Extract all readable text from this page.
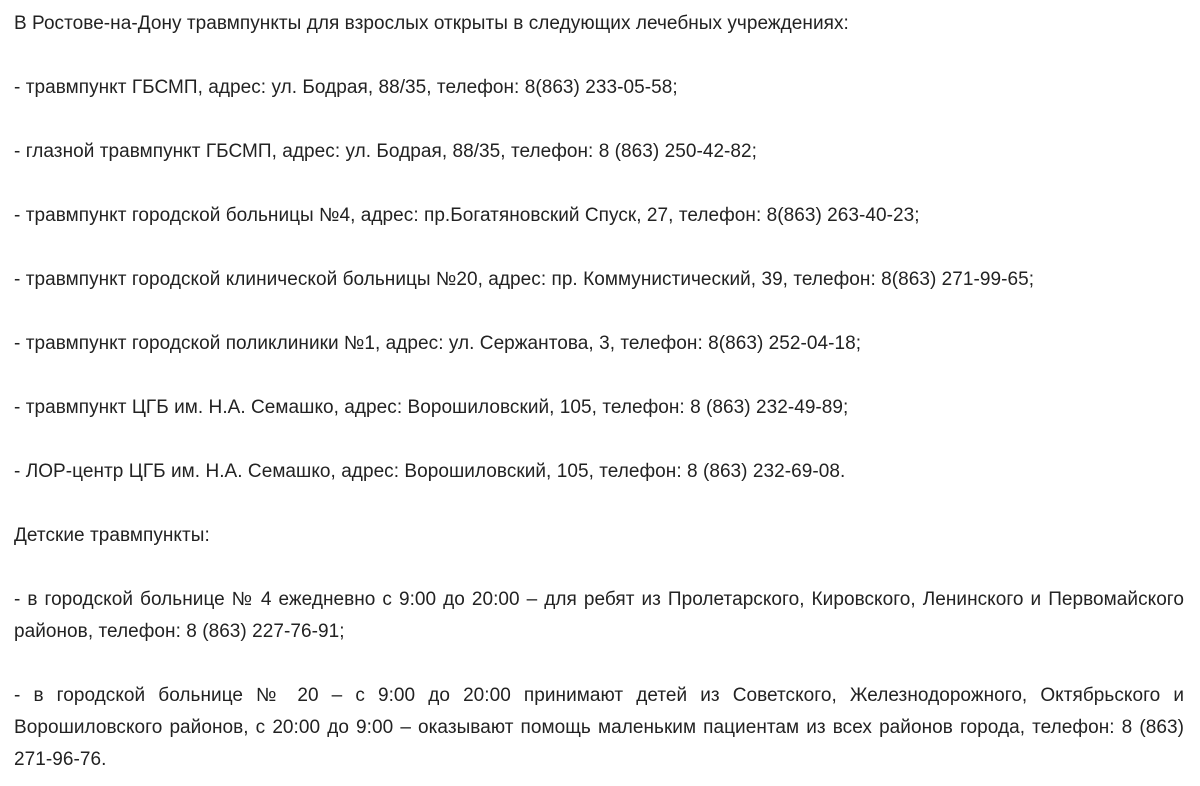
В Ростове-на-Дону травмпункты для взрослых открыты в следующих лечебных учреждениях:

- травмпункт ГБСМП, адрес: ул. Бодрая, 88/35, телефон: 8(863) 233-05-58;

- глазной травмпункт ГБСМП, адрес: ул. Бодрая, 88/35, телефон: 8 (863) 250-42-82;

- травмпункт городской больницы №4, адрес: пр.Богатяновский Спуск, 27, телефон: 8(863) 263-40-23;

- травмпункт городской клинической больницы №20, адрес: пр. Коммунистический, 39, телефон: 8(863) 271-99-65;

- травмпункт городской поликлиники №1, адрес: ул. Сержантова, 3, телефон: 8(863) 252-04-18;

- травмпункт ЦГБ им. Н.А. Семашко, адрес: Ворошиловский, 105, телефон: 8 (863) 232-49-89;

- ЛОР-центр ЦГБ им. Н.А. Семашко, адрес: Ворошиловский, 105, телефон: 8 (863) 232-69-08.

Детские травмпункты:

- в городской больнице № 4 ежедневно с 9:00 до 20:00 – для ребят из Пролетарского, Кировского, Ленинского и Первомайского районов, телефон: 8 (863) 227-76-91;

- в городской больнице № 20 – с 9:00 до 20:00 принимают детей из Советского, Железнодорожного, Октябрьского и Ворошиловского районов, с 20:00 до 9:00 – оказывают помощь маленьким пациентам из всех районов города, телефон: 8 (863) 271-96-76.
